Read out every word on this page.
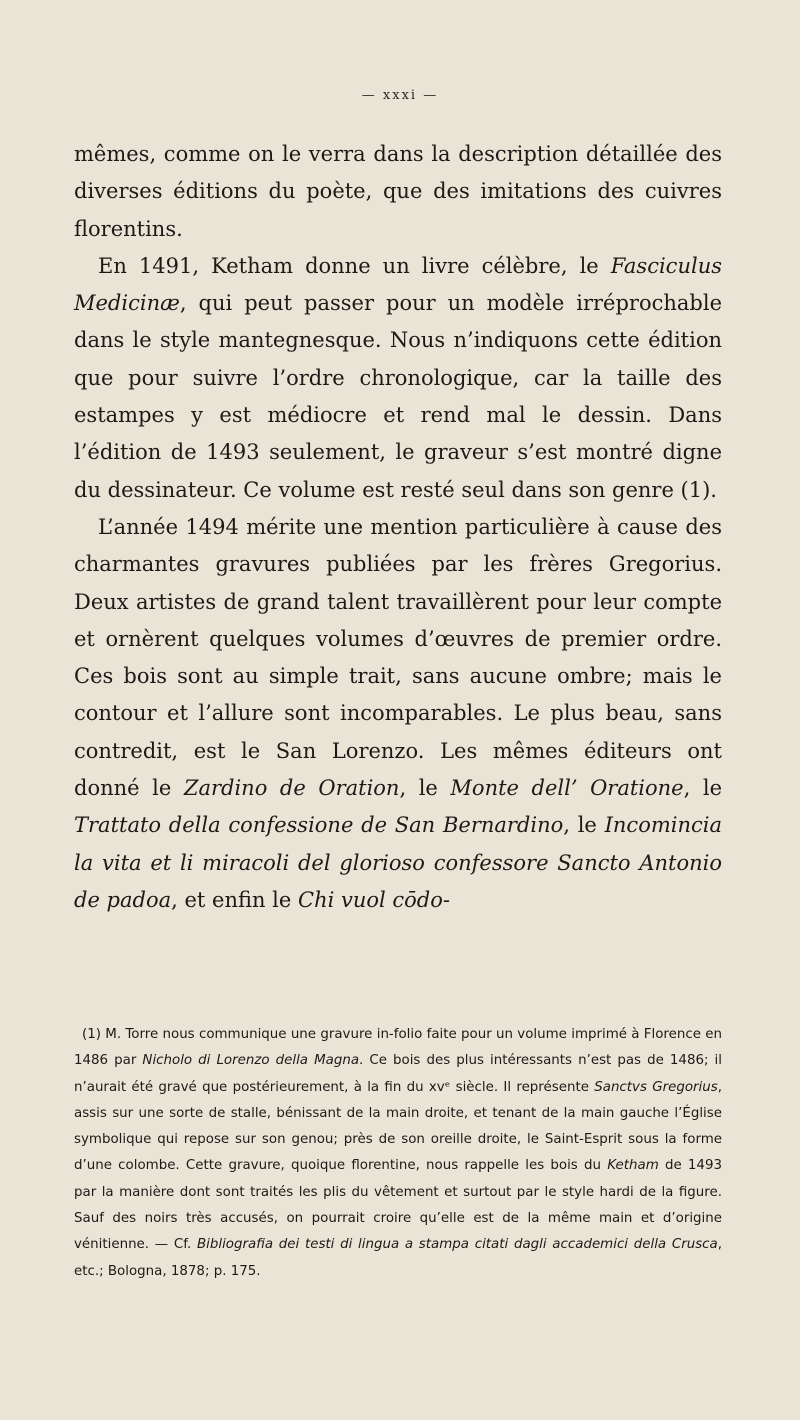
— xxxi —

mêmes, comme on le verra dans la description détaillée des diverses éditions du poète, que des imitations des cuivres florentins.

En 1491, Ketham donne un livre célèbre, le Fasciculus Medicinæ, qui peut passer pour un modèle irréprochable dans le style mantegnesque. Nous n’indiquons cette édition que pour suivre l’ordre chronologique, car la taille des estampes y est médiocre et rend mal le dessin. Dans l’édition de 1493 seulement, le graveur s’est montré digne du dessinateur. Ce volume est resté seul dans son genre (1).

L’année 1494 mérite une mention particulière à cause des charmantes gravures publiées par les frères Gregorius. Deux artistes de grand talent travaillèrent pour leur compte et ornèrent quelques volumes d’œuvres de premier ordre. Ces bois sont au simple trait, sans aucune ombre; mais le contour et l’allure sont incomparables. Le plus beau, sans contredit, est le San Lorenzo. Les mêmes éditeurs ont donné le Zardino de Oration, le Monte dell’ Oratione, le Trattato della confessione de San Bernardino, le Incomincia la vita et li miracoli del glorioso confessore Sancto Antonio de padoa, et enfin le Chi vuol cōdo-

(1) M. Torre nous communique une gravure in-folio faite pour un volume imprimé à Florence en 1486 par Nicholo di Lorenzo della Magna. Ce bois des plus intéressants n’est pas de 1486; il n’aurait été gravé que postérieurement, à la fin du xvᵉ siècle. Il représente Sanctvs Gregorius, assis sur une sorte de stalle, bénissant de la main droite, et tenant de la main gauche l’Église symbolique qui repose sur son genou; près de son oreille droite, le Saint-Esprit sous la forme d’une colombe. Cette gravure, quoique florentine, nous rappelle les bois du Ketham de 1493 par la manière dont sont traités les plis du vêtement et surtout par le style hardi de la figure. Sauf des noirs très accusés, on pourrait croire qu’elle est de la même main et d’origine vénitienne. — Cf. Bibliografia dei testi di lingua a stampa citati dagli accademici della Crusca, etc.; Bologna, 1878; p. 175.
